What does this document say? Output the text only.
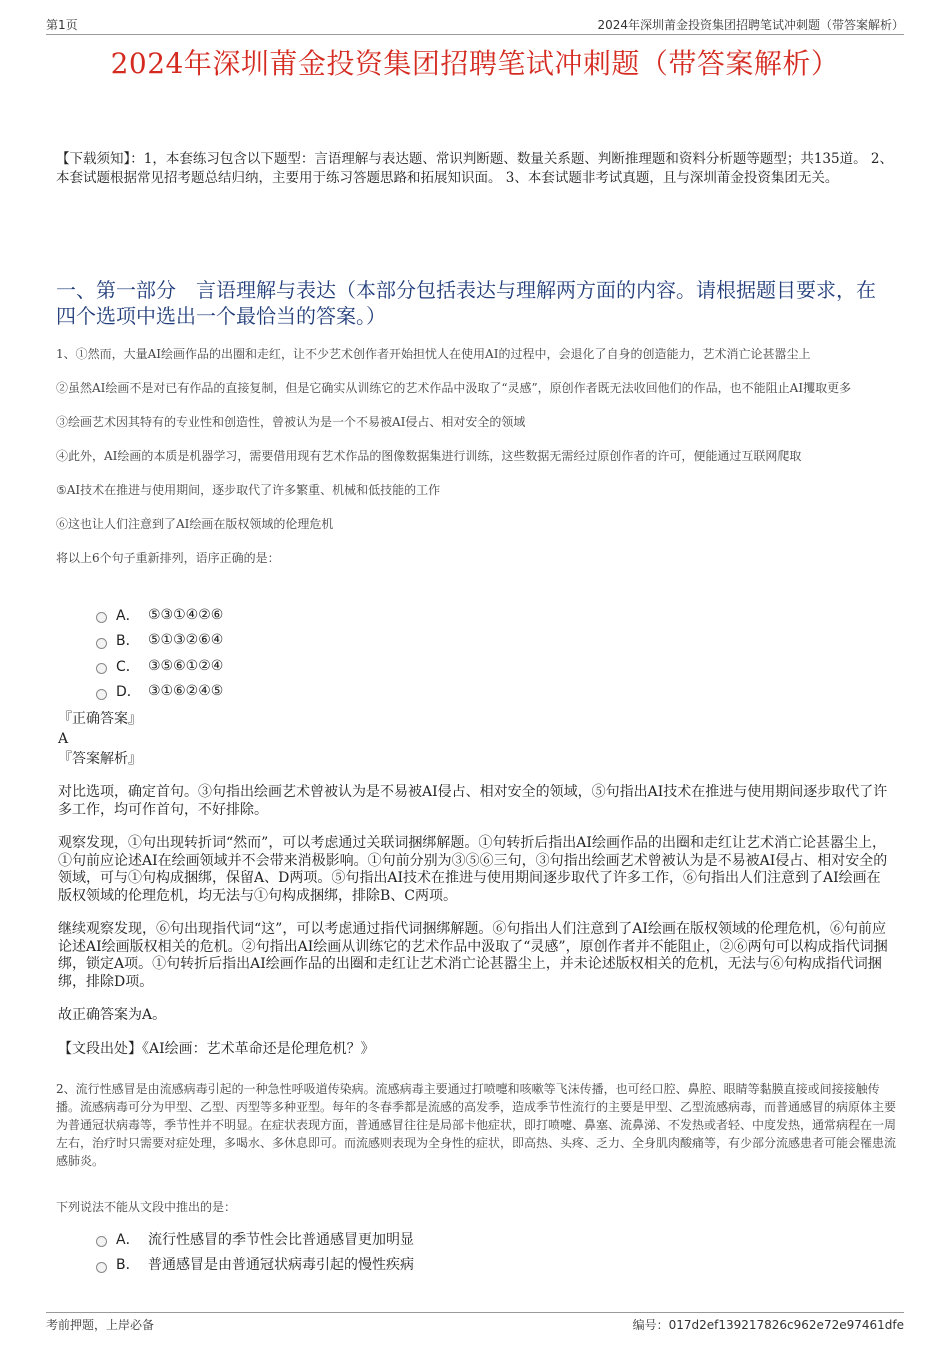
第1页	2024年深圳莆金投资集团招聘笔试冲刺题（带答案解析）
2024年深圳莆金投资集团招聘笔试冲刺题（带答案解析）
【下载须知】：1，本套练习包含以下题型：言语理解与表达题、常识判断题、数量关系题、判断推理题和资料分析题等题型；共135道。 2、本套试题根据常见招考题总结归纳，主要用于练习答题思路和拓展知识面。 3、本套试题非考试真题，且与深圳莆金投资集团无关。
一、第一部分　言语理解与表达（本部分包括表达与理解两方面的内容。请根据题目要求，在四个选项中选出一个最恰当的答案。）

1、①然而，大量AI绘画作品的出圈和走红，让不少艺术创作者开始担忧人在使用AI的过程中，会退化了自身的创造能力，艺术消亡论甚嚣尘上

②虽然AI绘画不是对已有作品的直接复制，但是它确实从训练它的艺术作品中汲取了“灵感”，原创作者既无法收回他们的作品，也不能阻止AI攫取更多

③绘画艺术因其特有的专业性和创造性，曾被认为是一个不易被AI侵占、相对安全的领域

④此外，AI绘画的本质是机器学习，需要借用现有艺术作品的图像数据集进行训练，这些数据无需经过原创作者的许可，便能通过互联网爬取

⑤AI技术在推进与使用期间，逐步取代了许多繁重、机械和低技能的工作

⑥这也让人们注意到了AI绘画在版权领域的伦理危机

将以上6个句子重新排列，语序正确的是：

A． ⑤③①④②⑥
B． ⑤①③②⑥④
C． ③⑤⑥①②④
D． ③①⑥②④⑤

『正确答案』

A

『答案解析』

对比选项，确定首句。③句指出绘画艺术曾被认为是不易被AI侵占、相对安全的领域，⑤句指出AI技术在推进与使用期间逐步取代了许多工作，均可作首句，不好排除。

观察发现，①句出现转折词“然而”，可以考虑通过关联词捆绑解题。①句转折后指出AI绘画作品的出圈和走红让艺术消亡论甚嚣尘上，①句前应论述AI在绘画领域并不会带来消极影响。①句前分别为③⑤⑥三句，③句指出绘画艺术曾被认为是不易被AI侵占、相对安全的领域，可与①句构成捆绑，保留A、D两项。⑤句指出AI技术在推进与使用期间逐步取代了许多工作，⑥句指出人们注意到了AI绘画在版权领域的伦理危机，均无法与①句构成捆绑，排除B、C两项。

继续观察发现，⑥句出现指代词“这”，可以考虑通过指代词捆绑解题。⑥句指出人们注意到了AI绘画在版权领域的伦理危机，⑥句前应论述AI绘画版权相关的危机。②句指出AI绘画从训练它的艺术作品中汲取了“灵感”，原创作者并不能阻止，②⑥两句可以构成指代词捆绑，锁定A项。①句转折后指出AI绘画作品的出圈和走红让艺术消亡论甚嚣尘上，并未论述版权相关的危机，无法与⑥句构成指代词捆绑，排除D项。

故正确答案为A。

【文段出处】《AI绘画：艺术革命还是伦理危机？》

2、流行性感冒是由流感病毒引起的一种急性呼吸道传染病。流感病毒主要通过打喷嚏和咳嗽等飞沫传播，也可经口腔、鼻腔、眼睛等黏膜直接或间接接触传播。流感病毒可分为甲型、乙型、丙型等多种亚型。每年的冬春季都是流感的高发季，造成季节性流行的主要是甲型、乙型流感病毒，而普通感冒的病原体主要为普通冠状病毒等，季节性并不明显。在症状表现方面，普通感冒往往是局部卡他症状，即打喷嚏、鼻塞、流鼻涕、不发热或者轻、中度发热，通常病程在一周左右，治疗时只需要对症处理，多喝水、多休息即可。而流感则表现为全身性的症状，即高热、头疼、乏力、全身肌肉酸痛等，有少部分流感患者可能会罹患流感肺炎。

下列说法不能从文段中推出的是：
A． 流行性感冒的季节性会比普通感冒更加明显
B． 普通感冒是由普通冠状病毒引起的慢性疾病
考前押题，上岸必备	编号：017d2ef139217826c962e72e97461dfe
